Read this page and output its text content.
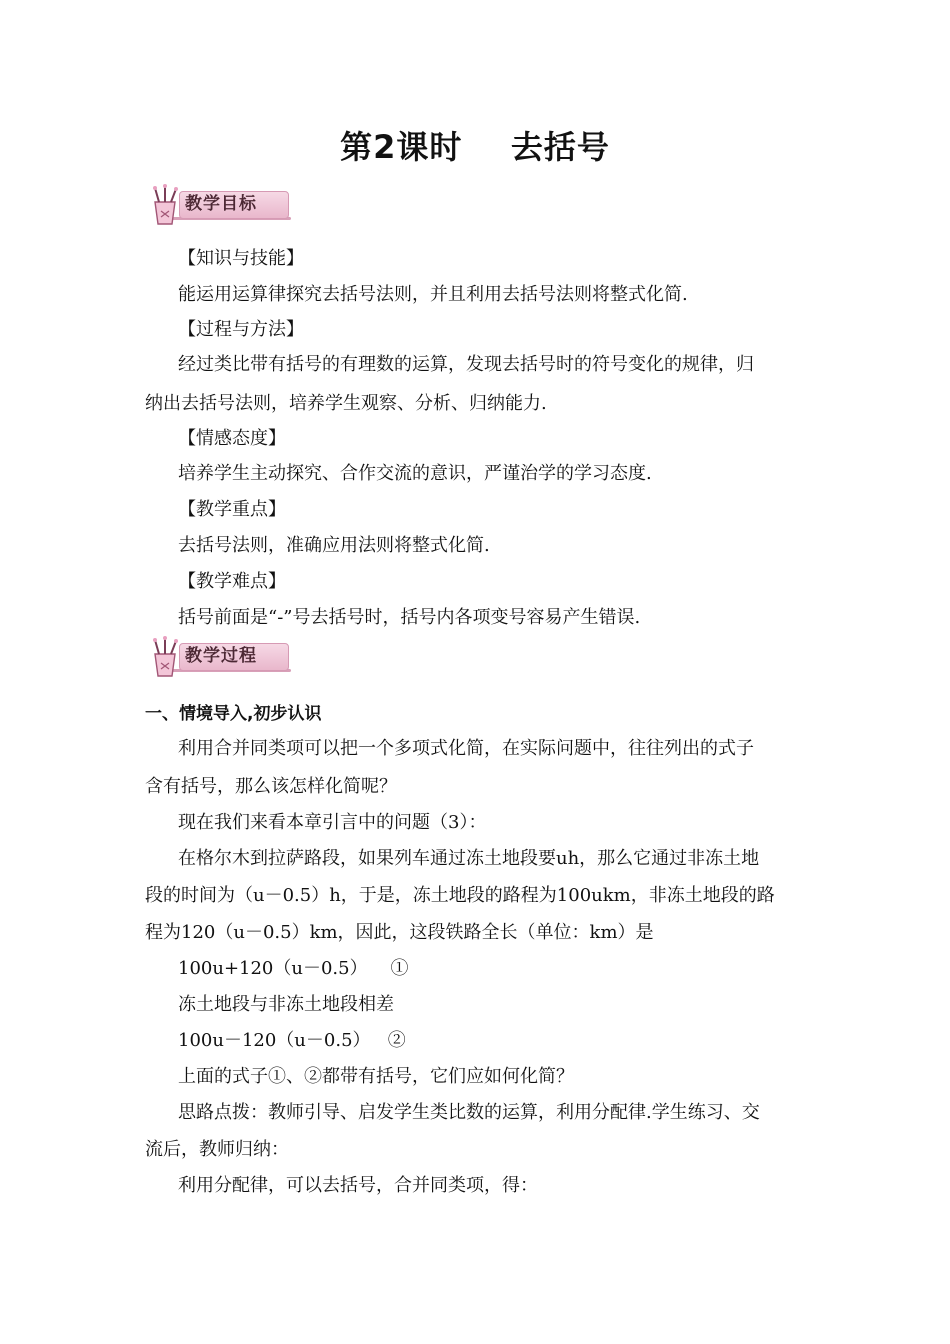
第2课时    去括号
教学目标
【知识与技能】
能运用运算律探究去括号法则，并且利用去括号法则将整式化简.
【过程与方法】
经过类比带有括号的有理数的运算，发现去括号时的符号变化的规律，归
纳出去括号法则，培养学生观察、分析、归纳能力.
【情感态度】
培养学生主动探究、合作交流的意识，严谨治学的学习态度.
【教学重点】
去括号法则，准确应用法则将整式化简.
【教学难点】
括号前面是“-”号去括号时，括号内各项变号容易产生错误.
教学过程
一、情境导入,初步认识
利用合并同类项可以把一个多项式化简，在实际问题中，往往列出的式子
含有括号，那么该怎样化简呢？
现在我们来看本章引言中的问题（3）：
在格尔木到拉萨路段，如果列车通过冻土地段要uh，那么它通过非冻土地
段的时间为（u－0.5）h，于是，冻土地段的路程为100ukm，非冻土地段的路
程为120（u－0.5）km，因此，这段铁路全长（单位：km）是
100u+120（u－0.5）    ①
冻土地段与非冻土地段相差
100u－120（u－0.5）   ②
上面的式子①、②都带有括号，它们应如何化简？
思路点拨：教师引导、启发学生类比数的运算，利用分配律.学生练习、交
流后，教师归纳：
利用分配律，可以去括号，合并同类项，得：
